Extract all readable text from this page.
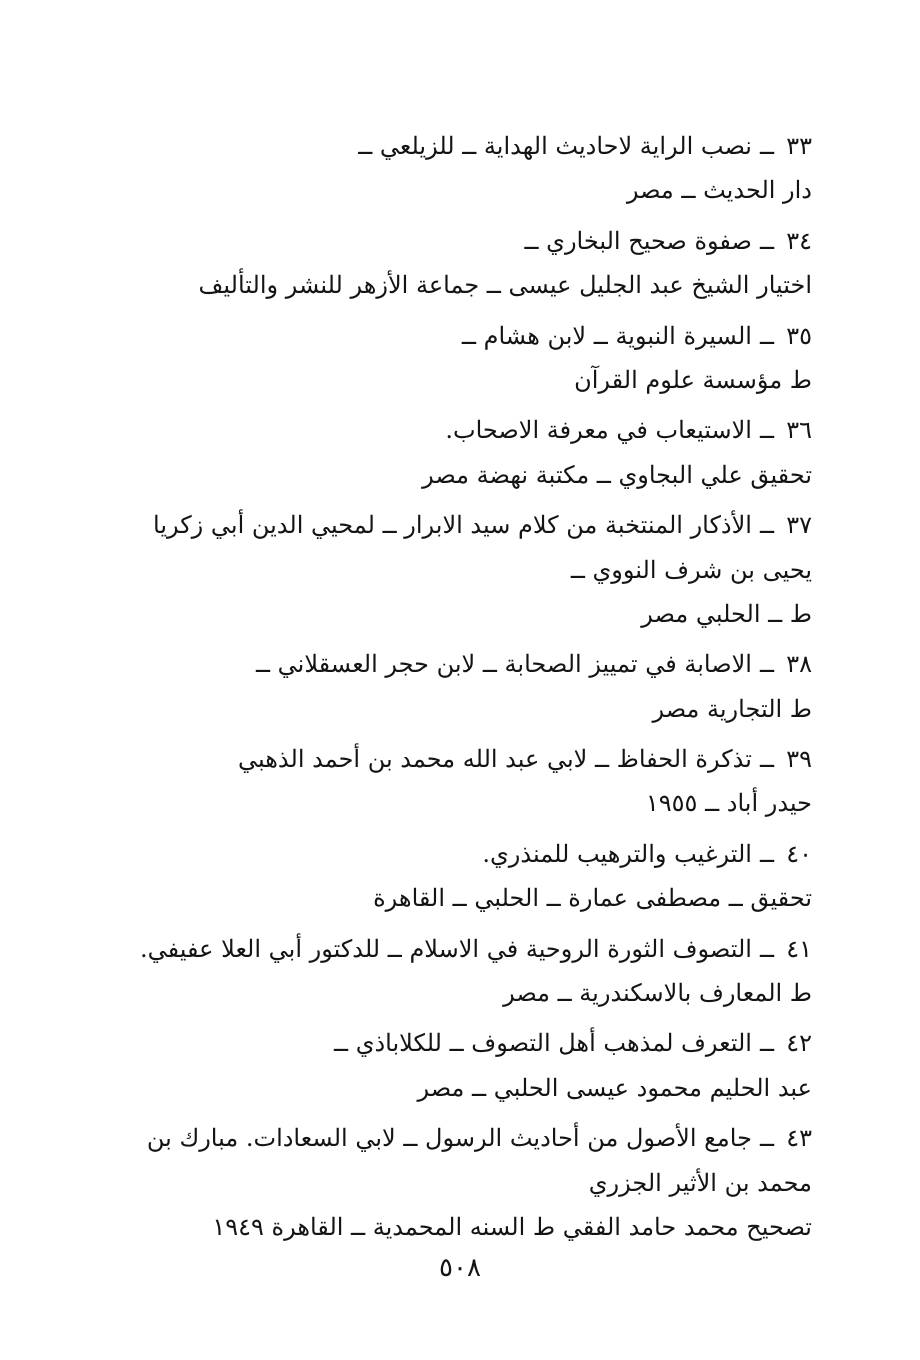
٣٣ــنصب الراية لاحاديث الهداية ــ للزيلعي ــ
دار الحديث ــ مصر
٣٤ــصفوة صحيح البخاري ــ
اختيار الشيخ عبد الجليل عيسى ــ جماعة الأزهر للنشر والتأليف
٣٥ــالسيرة النبوية ــ لابن هشام ــ
ط مؤسسة علوم القرآن
٣٦ــالاستيعاب في معرفة الاصحاب.
تحقيق علي البجاوي ــ مكتبة نهضة مصر
٣٧ــالأذكار المنتخبة من كلام سيد الابرار ــ لمحيي الدين أبي زكريا
يحيى بن شرف النووي ــ
ط ــ الحلبي مصر
٣٨ــالاصابة في تمييز الصحابة ــ لابن حجر العسقلاني ــ
ط التجارية مصر
٣٩ــتذكرة الحفاظ ــ لابي عبد الله محمد بن أحمد الذهبي
حيدر أباد ــ ١٩٥٥
٤٠ــالترغيب والترهيب للمنذري.
تحقيق ــ مصطفى عمارة ــ الحلبي ــ القاهرة
٤١ــالتصوف الثورة الروحية في الاسلام ــ للدكتور أبي العلا عفيفي.
ط المعارف بالاسكندرية ــ مصر
٤٢ــالتعرف لمذهب أهل التصوف ــ للكلاباذي ــ
عبد الحليم محمود عيسى الحلبي ــ مصر
٤٣ــجامع الأصول من أحاديث الرسول ــ لابي السعادات. مبارك بن
محمد بن الأثير الجزري
تصحيح محمد حامد الفقي ط السنه المحمدية ــ القاهرة ١٩٤٩
٥٠٨
